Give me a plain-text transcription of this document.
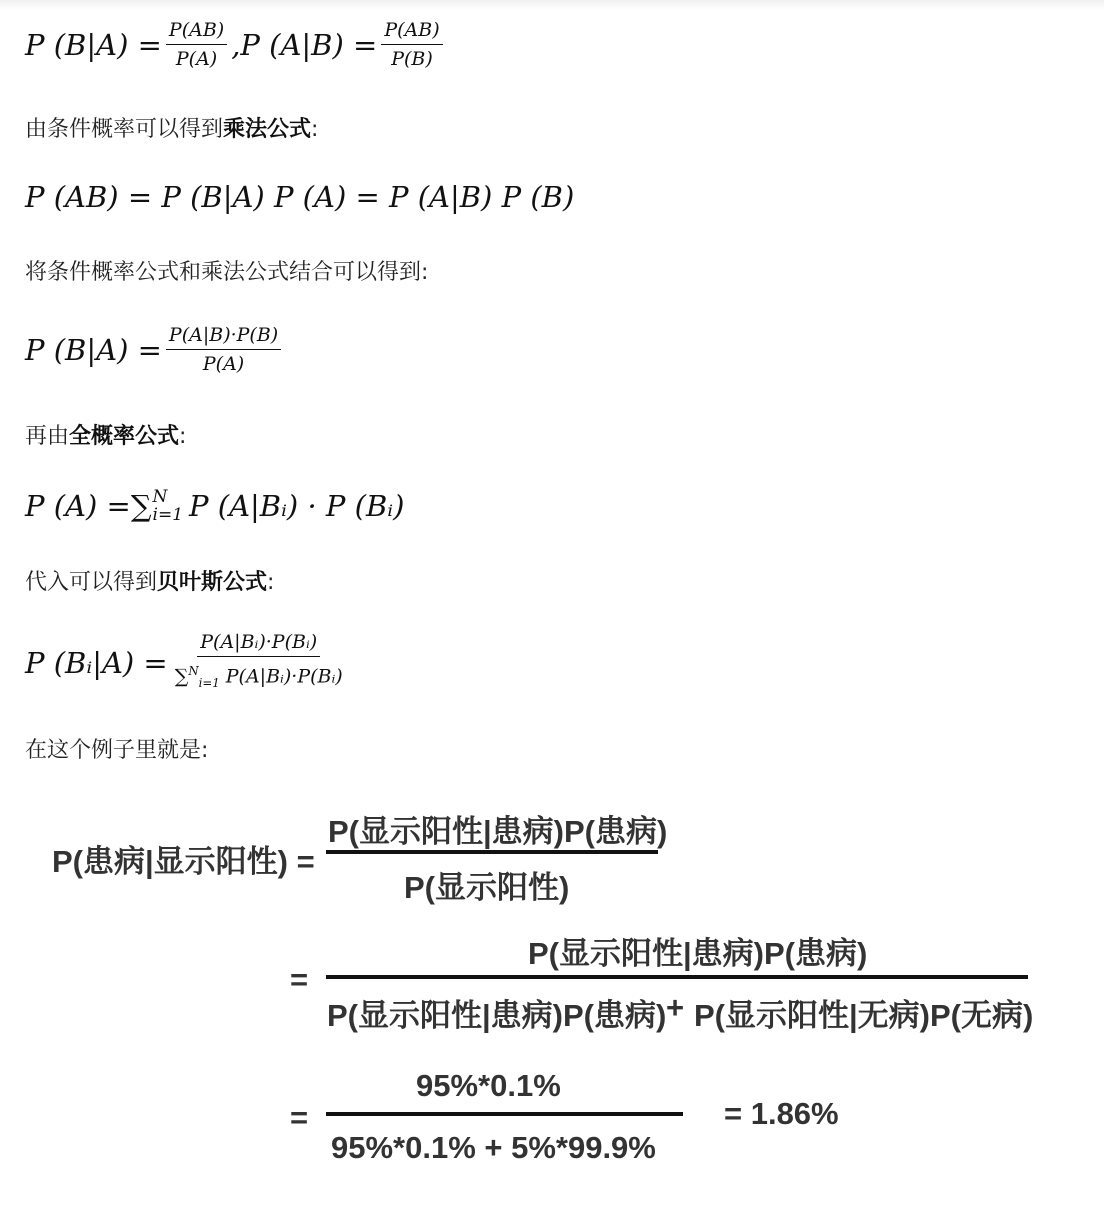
P $(B|A) = \frac{P(AB)}{P(A)}$ , P $(A|B) = \frac{P(AB)}{P(B)}$
由条件概率可以得到乘法公式:
P (AB) = P (B|A) P (A) = P (A|B) P (B)
将条件概率公式和乘法公式结合可以得到:
P $(B|A) = \frac{P(A|B)\cdot P(B)}{P(A)}$
再由全概率公式:
P (A) = ∑ N
i=1 P (A|Bᵢ) · P (Bᵢ)
代入可以得到贝叶斯公式:
P (Bᵢ|A) = $\frac{\text{P(A|Bᵢ)·P(Bᵢ)}}{\sum^N_{i=1} P(A|Bᵢ)\cdot P(Bᵢ)}$
在这个例子里就是:
P(患病|显示阳性) =
P(显示阳性|患病)P(患病)
P(显示阳性)
=
P(显示阳性|患病)P(患病)
P(显示阳性|患病)P(患病) + P(显示阳性|无病)P(无病)
=
95%*0.1%
95%*0.1% + 5%*99.9%
= 1.86%
